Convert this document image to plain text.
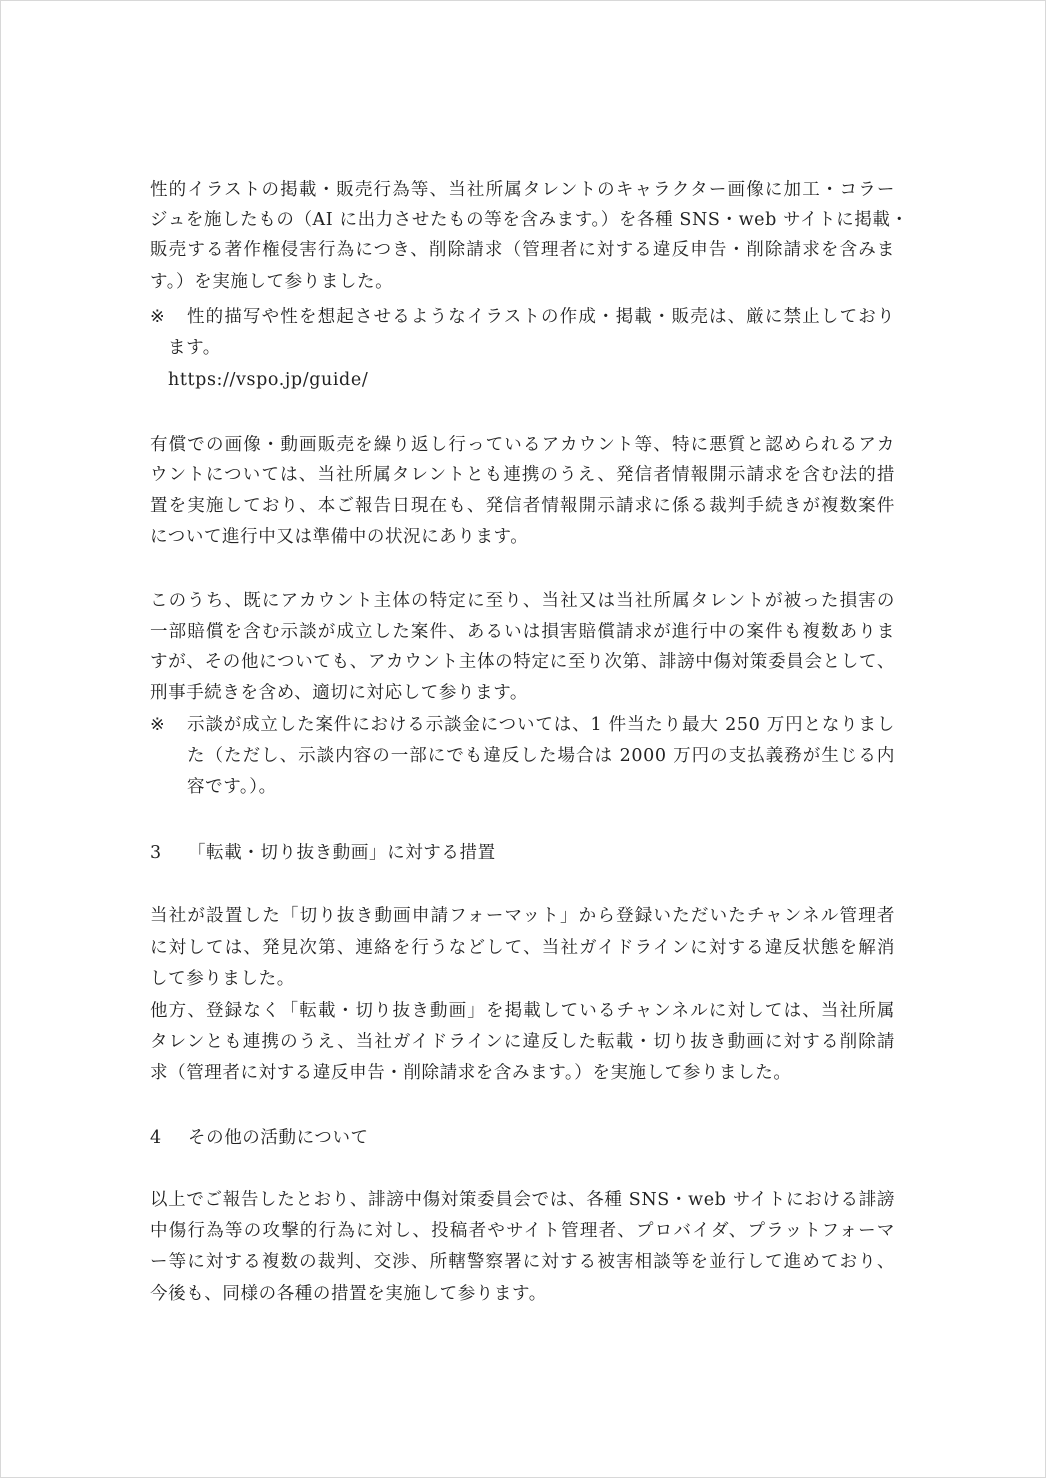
性的イラストの掲載・販売行為等、当社所属タレントのキャラクター画像に加工・コラー
ジュを施したもの（AI に出力させたもの等を含みます。）を各種 SNS・web サイトに掲載・
販売する著作権侵害行為につき、削除請求（管理者に対する違反申告・削除請求を含みま
す。）を実施して参りました。
※ 性的描写や性を想起させるようなイラストの作成・掲載・販売は、厳に禁止しており
ます。
https://vspo.jp/guide/
有償での画像・動画販売を繰り返し行っているアカウント等、特に悪質と認められるアカ
ウントについては、当社所属タレントとも連携のうえ、発信者情報開示請求を含む法的措
置を実施しており、本ご報告日現在も、発信者情報開示請求に係る裁判手続きが複数案件
について進行中又は準備中の状況にあります。
このうち、既にアカウント主体の特定に至り、当社又は当社所属タレントが被った損害の
一部賠償を含む示談が成立した案件、あるいは損害賠償請求が進行中の案件も複数ありま
すが、その他についても、アカウント主体の特定に至り次第、誹謗中傷対策委員会として、
刑事手続きを含め、適切に対応して参ります。
※ 示談が成立した案件における示談金については、1 件当たり最大 250 万円となりまし
た（ただし、示談内容の一部にでも違反した場合は 2000 万円の支払義務が生じる内
容です。）。
3 「転載・切り抜き動画」に対する措置
当社が設置した「切り抜き動画申請フォーマット」から登録いただいたチャンネル管理者
に対しては、発見次第、連絡を行うなどして、当社ガイドラインに対する違反状態を解消
して参りました。
他方、登録なく「転載・切り抜き動画」を掲載しているチャンネルに対しては、当社所属
タレンとも連携のうえ、当社ガイドラインに違反した転載・切り抜き動画に対する削除請
求（管理者に対する違反申告・削除請求を含みます。）を実施して参りました。
4 その他の活動について
以上でご報告したとおり、誹謗中傷対策委員会では、各種 SNS・web サイトにおける誹謗
中傷行為等の攻撃的行為に対し、投稿者やサイト管理者、プロバイダ、プラットフォーマ
ー等に対する複数の裁判、交渉、所轄警察署に対する被害相談等を並行して進めており、
今後も、同様の各種の措置を実施して参ります。
